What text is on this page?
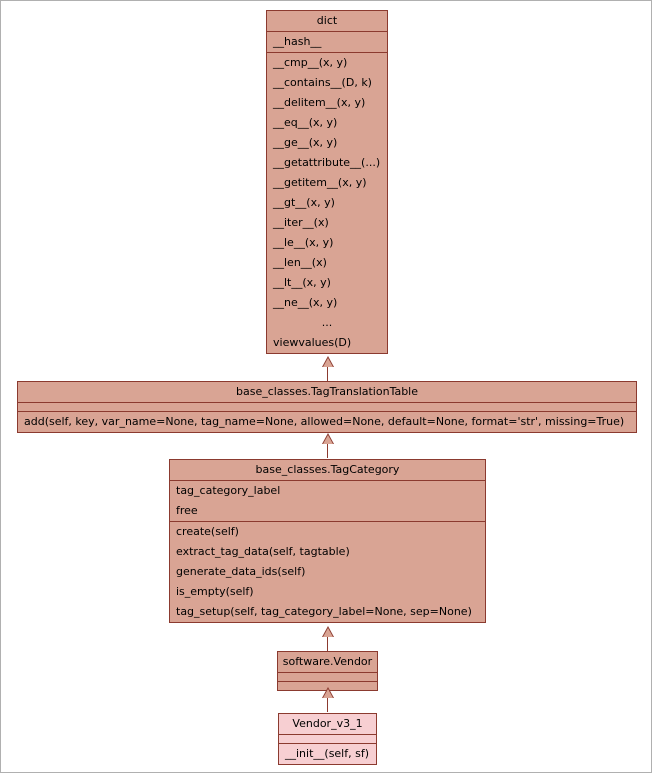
dict
__hash__
__cmp__(x, y)
__contains__(D, k)
__delitem__(x, y)
__eq__(x, y)
__ge__(x, y)
__getattribute__(...)
__getitem__(x, y)
__gt__(x, y)
__iter__(x)
__le__(x, y)
__len__(x)
__lt__(x, y)
__ne__(x, y)
...
viewvalues(D)
base_classes.TagTranslationTable
add(self, key, var_name=None, tag_name=None, allowed=None, default=None, format='str', missing=True)
base_classes.TagCategory
tag_category_label
free
create(self)
extract_tag_data(self, tagtable)
generate_data_ids(self)
is_empty(self)
tag_setup(self, tag_category_label=None, sep=None)
software.Vendor
Vendor_v3_1
__init__(self, sf)
